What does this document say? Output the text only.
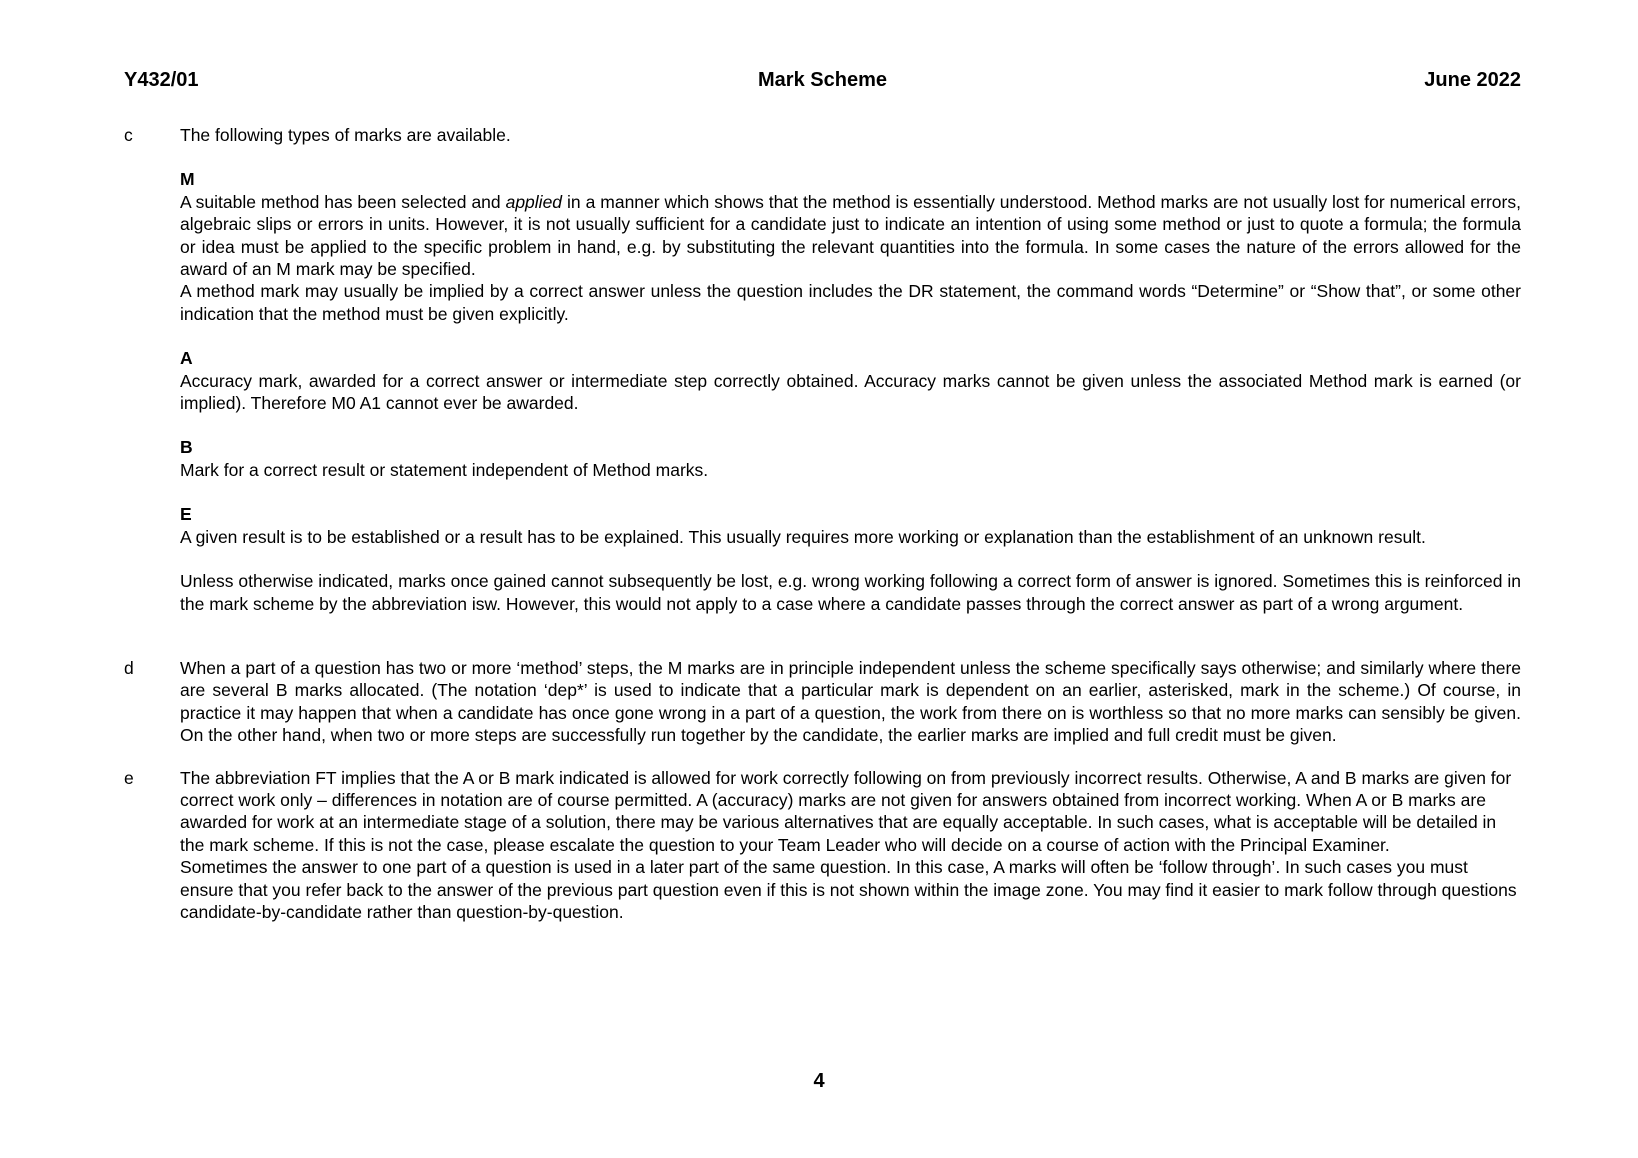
Y432/01	Mark Scheme	June 2022
c	The following types of marks are available.

M

A suitable method has been selected and applied in a manner which shows that the method is essentially understood. Method marks are not usually lost for numerical errors, algebraic slips or errors in units. However, it is not usually sufficient for a candidate just to indicate an intention of using some method or just to quote a formula; the formula or idea must be applied to the specific problem in hand, e.g. by substituting the relevant quantities into the formula. In some cases the nature of the errors allowed for the award of an M mark may be specified.

A method mark may usually be implied by a correct answer unless the question includes the DR statement, the command words “Determine” or “Show that”, or some other indication that the method must be given explicitly.

A

Accuracy mark, awarded for a correct answer or intermediate step correctly obtained. Accuracy marks cannot be given unless the associated Method mark is earned (or implied). Therefore M0 A1 cannot ever be awarded.

B

Mark for a correct result or statement independent of Method marks.

E

A given result is to be established or a result has to be explained. This usually requires more working or explanation than the establishment of an unknown result.

Unless otherwise indicated, marks once gained cannot subsequently be lost, e.g. wrong working following a correct form of answer is ignored. Sometimes this is reinforced in the mark scheme by the abbreviation isw. However, this would not apply to a case where a candidate passes through the correct answer as part of a wrong argument.

d	When a part of a question has two or more ‘method’ steps, the M marks are in principle independent unless the scheme specifically says otherwise; and similarly where there are several B marks allocated. (The notation ‘dep*’ is used to indicate that a particular mark is dependent on an earlier, asterisked, mark in the scheme.) Of course, in practice it may happen that when a candidate has once gone wrong in a part of a question, the work from there on is worthless so that no more marks can sensibly be given. On the other hand, when two or more steps are successfully run together by the candidate, the earlier marks are implied and full credit must be given.

e	The abbreviation FT implies that the A or B mark indicated is allowed for work correctly following on from previously incorrect results. Otherwise, A and B marks are given for correct work only – differences in notation are of course permitted. A (accuracy) marks are not given for answers obtained from incorrect working. When A or B marks are awarded for work at an intermediate stage of a solution, there may be various alternatives that are equally acceptable. In such cases, what is acceptable will be detailed in the mark scheme. If this is not the case, please escalate the question to your Team Leader who will decide on a course of action with the Principal Examiner.

Sometimes the answer to one part of a question is used in a later part of the same question. In this case, A marks will often be ‘follow through’. In such cases you must ensure that you refer back to the answer of the previous part question even if this is not shown within the image zone. You may find it easier to mark follow through questions candidate-by-candidate rather than question-by-question.

4
